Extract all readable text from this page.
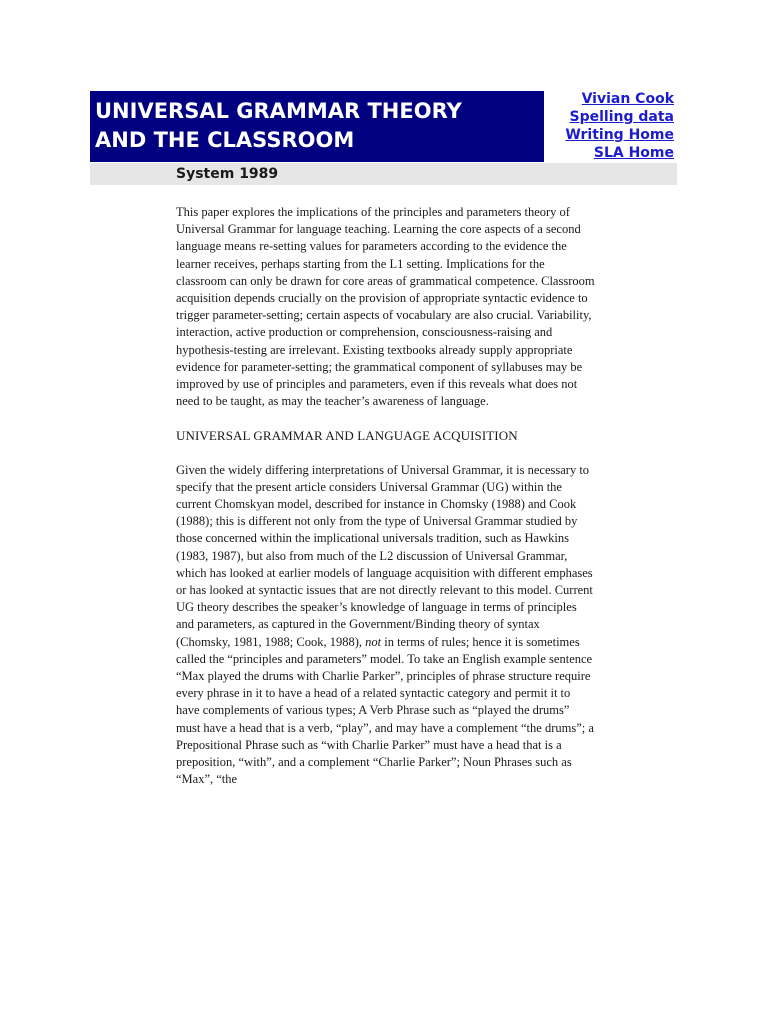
UNIVERSAL GRAMMAR THEORY
AND THE CLASSROOM
Vivian Cook
Spelling data
Writing Home
SLA Home
System 1989

This paper explores the implications of the principles and parameters theory of Universal Grammar for language teaching. Learning the core aspects of a second language means re-setting values for parameters according to the evidence the learner receives, perhaps starting from the L1 setting. Implications for the classroom can only be drawn for core areas of grammatical competence. Classroom acquisition depends crucially on the provision of appropriate syntactic evidence to trigger parameter-setting; certain aspects of vocabulary are also crucial. Variability, interaction, active production or comprehension, consciousness-raising and hypothesis-testing are irrelevant. Existing textbooks already supply appropriate evidence for parameter-setting; the grammatical component of syllabuses may be improved by use of principles and parameters, even if this reveals what does not need to be taught, as may the teacher’s awareness of language.

UNIVERSAL GRAMMAR AND LANGUAGE ACQUISITION

Given the widely differing interpretations of Universal Grammar, it is necessary to specify that the present article considers Universal Grammar (UG) within the current Chomskyan model, described for instance in Chomsky (1988) and Cook (1988); this is different not only from the type of Universal Grammar studied by those concerned within the implicational universals tradition, such as Hawkins (1983, 1987), but also from much of the L2 discussion of Universal Grammar, which has looked at earlier models of language acquisition with different emphases or has looked at syntactic issues that are not directly relevant to this model. Current UG theory describes the speaker’s knowledge of language in terms of principles and parameters, as captured in the Government/Binding theory of syntax (Chomsky, 1981, 1988; Cook, 1988), not in terms of rules; hence it is sometimes called the “principles and parameters” model. To take an English example sentence “Max played the drums with Charlie Parker”, principles of phrase structure require every phrase in it to have a head of a related syntactic category and permit it to have complements of various types; A Verb Phrase such as “played the drums” must have a head that is a verb, “play”, and may have a complement “the drums”; a Prepositional Phrase such as “with Charlie Parker” must have a head that is a preposition, “with”, and a complement “Charlie Parker”; Noun Phrases such as “Max”, “the
